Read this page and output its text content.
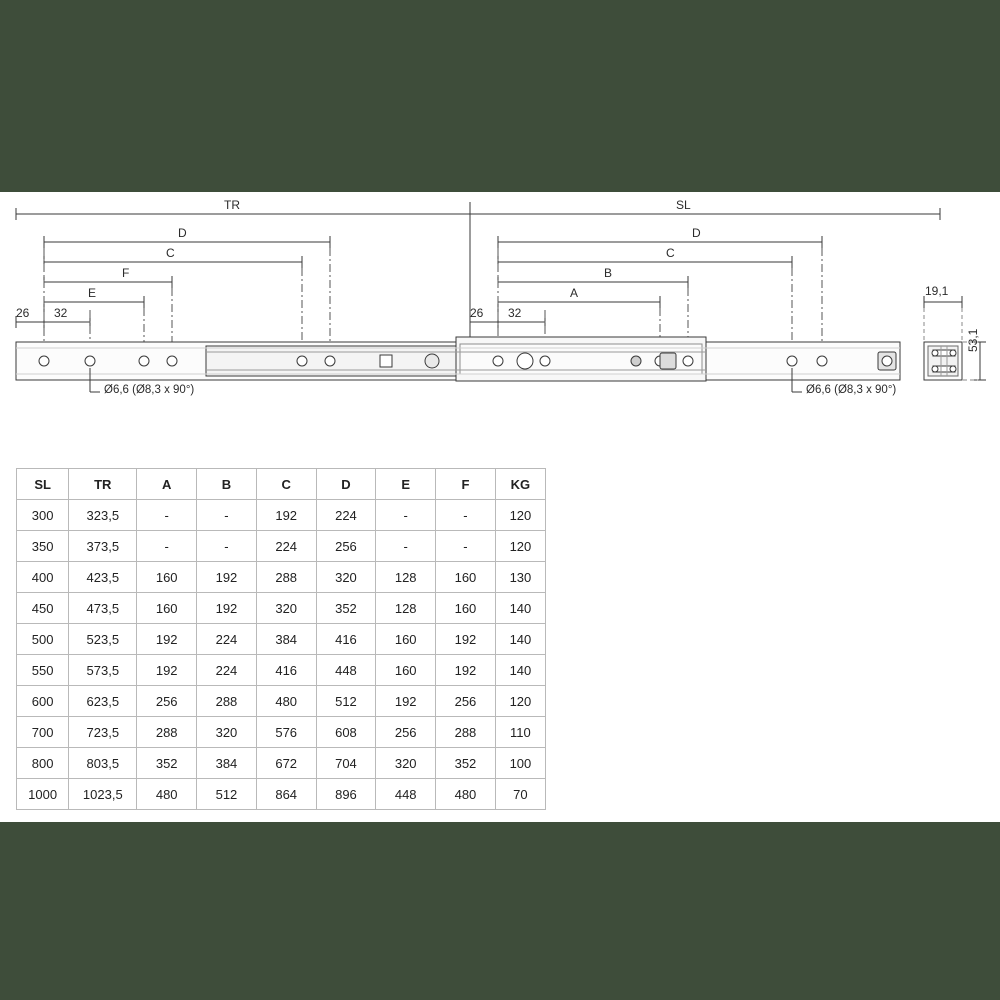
TR	SL
D
C
F
E
D
C
B
A
26 32	26 32
Ø6,6 (Ø8,3 x 90°)	Ø6,6 (Ø8,3 x 90°)
19,1
53,1
SL	TR	A	B	C	D	E	F	KG
300	323,5	-	-	192	224	-	-	120
350	373,5	-	-	224	256	-	-	120
400	423,5	160	192	288	320	128	160	130
450	473,5	160	192	320	352	128	160	140
500	523,5	192	224	384	416	160	192	140
550	573,5	192	224	416	448	160	192	140
600	623,5	256	288	480	512	192	256	120
700	723,5	288	320	576	608	256	288	110
800	803,5	352	384	672	704	320	352	100
1000	1023,5	480	512	864	896	448	480	70
